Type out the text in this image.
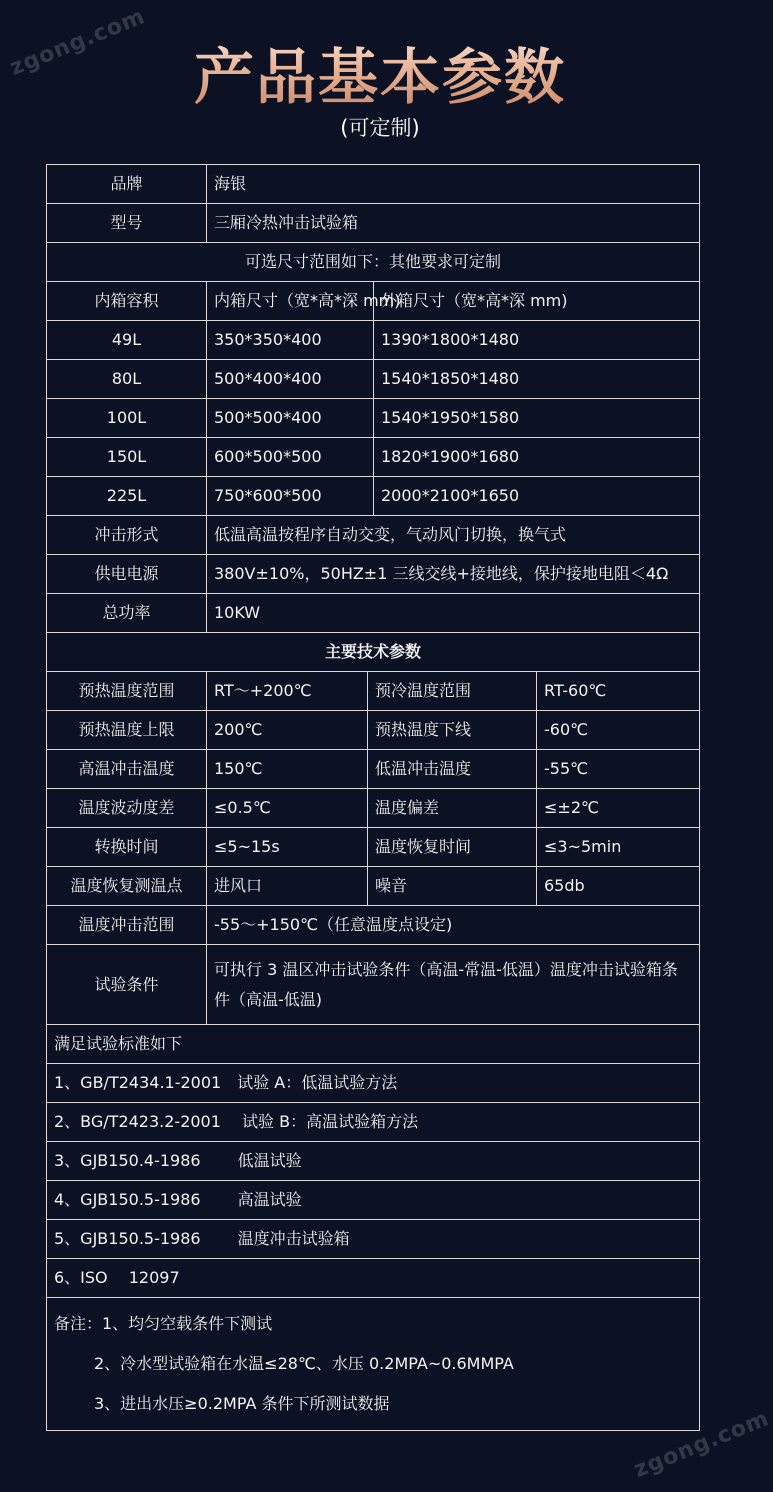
zgong.com
产品基本参数
(可定制)
品牌	海银			
型号	三厢冷热冲击试验箱			
可选尺寸范围如下：其他要求可定制				
内箱容积	内箱尺寸（宽*高*深 mm)		外箱尺寸（宽*高*深 mm)	
49L	350*350*400		1390*1800*1480	
80L	500*400*400		1540*1850*1480	
100L	500*500*400		1540*1950*1580	
150L	600*500*500		1820*1900*1680	
225L	750*600*500		2000*2100*1650	
冲击形式	低温高温按程序自动交变，气动风门切换，换气式			
供电电源	380V±10%，50HZ±1 三线交线+接地线，保护接地电阻＜4Ω			
总功率	10KW			
主要技术参数				
预热温度范围	RT～+200℃	预冷温度范围		RT-60℃
预热温度上限	200℃	预热温度下线		-60℃
高温冲击温度	150℃	低温冲击温度		-55℃
温度波动度差	≤0.5℃	温度偏差		≤±2℃
转换时间	≤5~15s	温度恢复时间		≤3~5min
温度恢复测温点	进风口	噪音		65db
温度冲击范围	-55～+150℃（任意温度点设定)			
试验条件	可执行 3 温区冲击试验条件（高温-常温-低温）温度冲击试验箱条件（高温-低温)			
满足试验标准如下				
1、GB/T2434.1-2001　试验 A：低温试验方法				
2、BG/T2423.2-2001　 试验 B：高温试验箱方法				
3、GJB150.4-1986　　 低温试验				
4、GJB150.5-1986　　 高温试验				
5、GJB150.5-1986　　 温度冲击试验箱				
6、ISO　 12097				

备注：1、均匀空载条件下测试
2、冷水型试验箱在水温≤28℃、水压 0.2MPA~0.6MMPA
3、进出水压≥0.2MPA 条件下所测试数据				
